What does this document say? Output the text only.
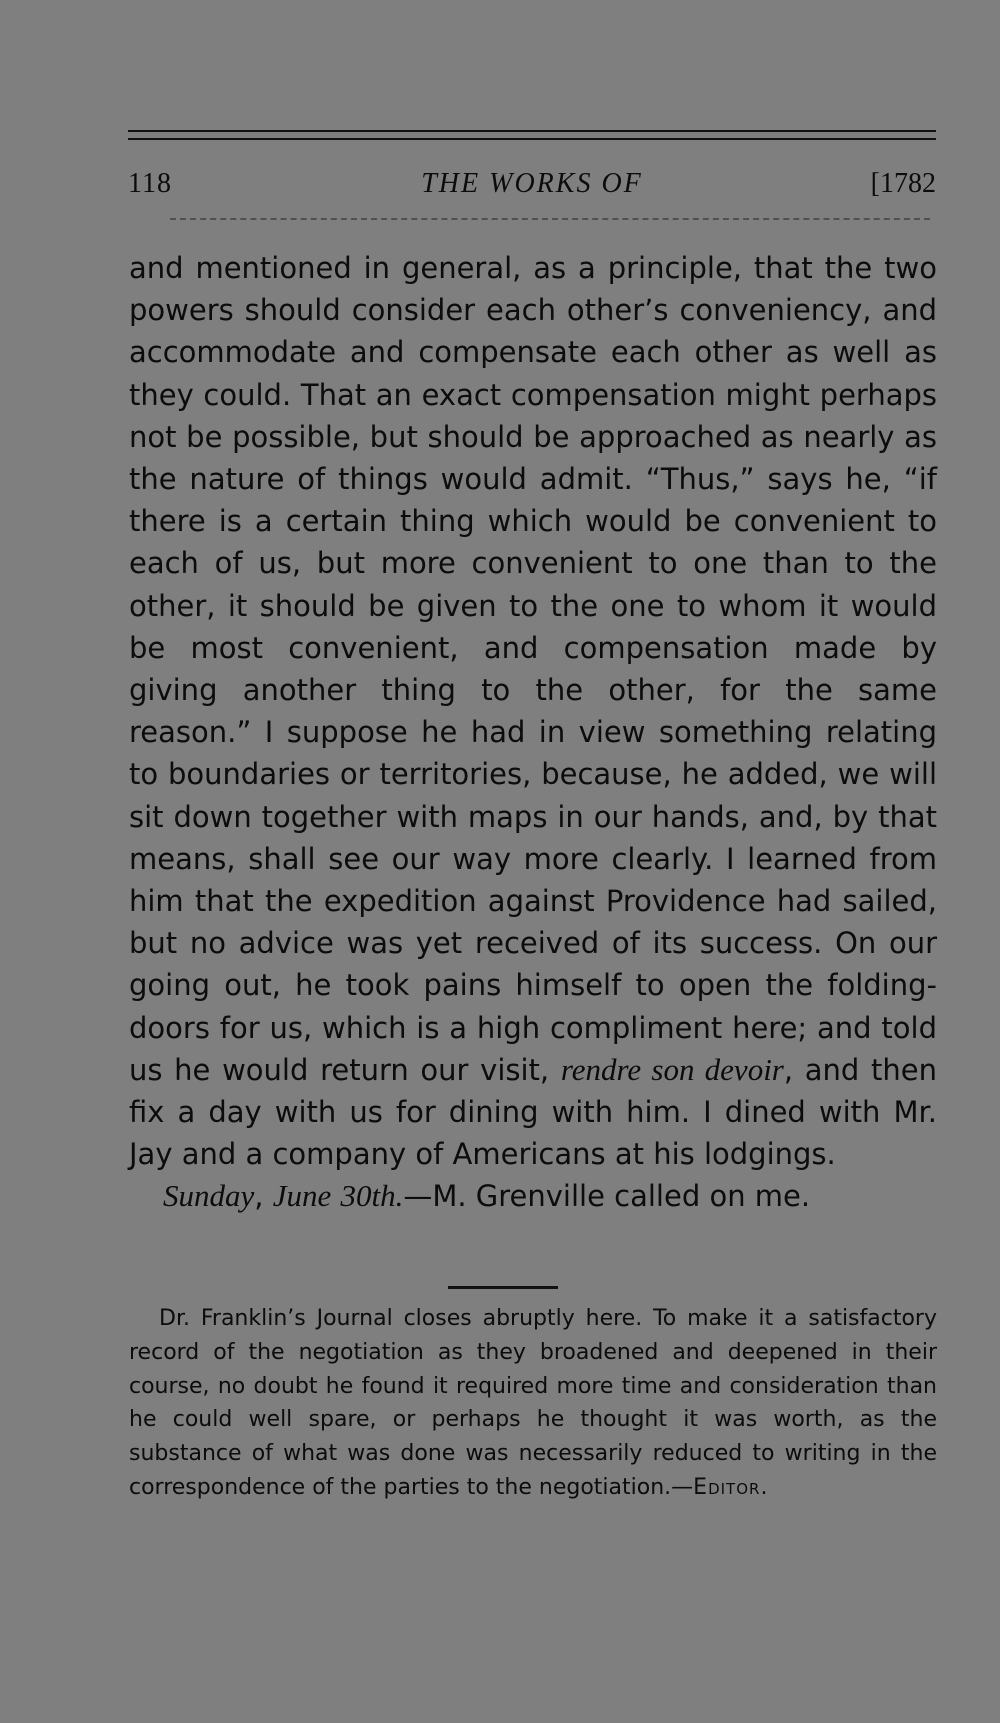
118	THE WORKS OF	[1782

and mentioned in general, as a principle, that the two powers should consider each other’s conveniency, and accommodate and compensate each other as well as they could. That an exact compensation might perhaps not be possible, but should be approached as nearly as the nature of things would admit. “Thus,” says he, “if there is a certain thing which would be convenient to each of us, but more convenient to one than to the other, it should be given to the one to whom it would be most convenient, and compensation made by giving another thing to the other, for the same reason.” I suppose he had in view something relating to boundaries or territories, because, he added, we will sit down together with maps in our hands, and, by that means, shall see our way more clearly. I learned from him that the expedition against Providence had sailed, but no advice was yet received of its success. On our going out, he took pains himself to open the folding-doors for us, which is a high compliment here; and told us he would return our visit, rendre son devoir, and then fix a day with us for dining with him. I dined with Mr. Jay and a company of Americans at his lodgings.

Sunday, June 30th.—M. Grenville called on me.

Dr. Franklin’s Journal closes abruptly here. To make it a satisfactory record of the negotiation as they broadened and deepened in their course, no doubt he found it required more time and consideration than he could well spare, or perhaps he thought it was worth, as the substance of what was done was necessarily reduced to writing in the correspondence of the parties to the negotiation.—Editor.
